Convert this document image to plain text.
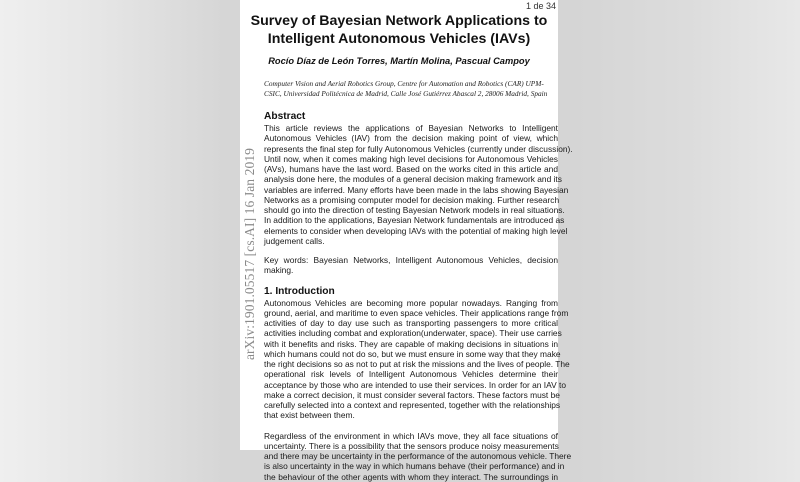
1 de 34
arXiv:1901.05517 [cs.AI] 16 Jan 2019
Survey of Bayesian Network Applications to
Intelligent Autonomous Vehicles (IAVs)
Rocío Díaz de León Torres, Martín Molina, Pascual Campoy
Computer Vision and Aerial Robotics Group, Centre for Automation and Robotics (CAR) UPM-
CSIC, Universidad Politécnica de Madrid, Calle José Gutiérrez Abascal 2, 28006 Madrid, Spain
Abstract
This article reviews the applications of Bayesian Networks to Intelligent
Autonomous Vehicles (IAV) from the decision making point of view, which
represents the final step for fully Autonomous Vehicles (currently under discussion).
Until now, when it comes making high level decisions for Autonomous Vehicles
(AVs), humans have the last word. Based on the works cited in this article and
analysis done here, the modules of a general decision making framework and its
variables are inferred. Many efforts have been made in the labs showing Bayesian
Networks as a promising computer model for decision making. Further research
should go into the direction of testing Bayesian Network models in real situations.
In addition to the applications, Bayesian Network fundamentals are introduced as
elements to consider when developing IAVs with the potential of making high level
judgement calls.
Key words: Bayesian Networks, Intelligent Autonomous Vehicles, decision
making.
1. Introduction
Autonomous Vehicles are becoming more popular nowadays. Ranging from
ground, aerial, and maritime to even space vehicles. Their applications range from
activities of day to day use such as transporting passengers to more critical
activities including combat and exploration(underwater, space). Their use carries
with it benefits and risks. They are capable of making decisions in situations in
which humans could not do so, but we must ensure in some way that they make
the right decisions so as not to put at risk the missions and the lives of people. The
operational risk levels of Intelligent Autonomous Vehicles determine their
acceptance by those who are intended to use their services. In order for an IAV to
make a correct decision, it must consider several factors. These factors must be
carefully selected into a context and represented, together with the relationships
that exist between them.
Regardless of the environment in which IAVs move, they all face situations of
uncertainty. There is a possibility that the sensors produce noisy measurements
and there may be uncertainty in the performance of the autonomous vehicle. There
is also uncertainty in the way in which humans behave (their performance) and in
the behaviour of the other agents with whom they interact. The surroundings in
